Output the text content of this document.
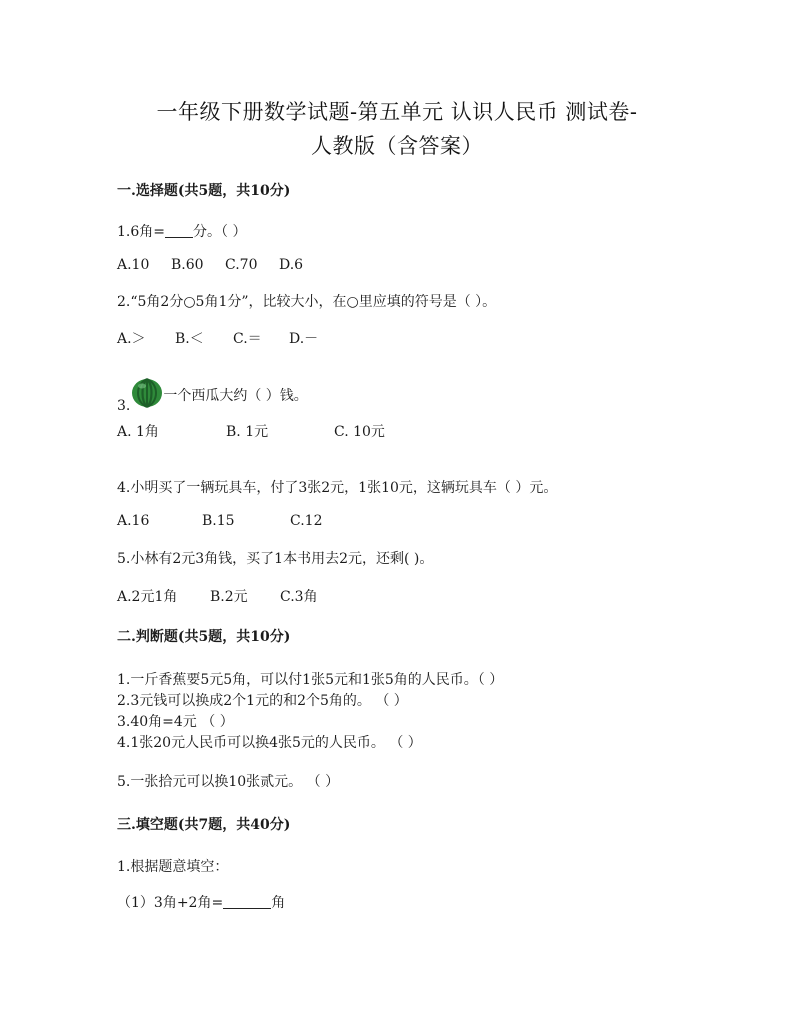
一年级下册数学试题-第五单元 认识人民币 测试卷-
人教版（含答案）
一.选择题(共5题，共10分)
1.6角= 分。（ ）
A.10 B.60 C.70 D.6
2.“5角2分○5角1分”，比较大小，在○里应填的符号是（ ）。
A.＞ B.＜ C.＝ D.－
3.
一个西瓜大约（ ）钱。
A. 1角	B. 1元	C. 10元
4.小明买了一辆玩具车，付了3张2元，1张10元，这辆玩具车（ ）元。
A.16	B.15	C.12
5.小林有2元3角钱，买了1本书用去2元，还剩( )。
A.2元1角 B.2元 C.3角
二.判断题(共5题，共10分)
1.一斤香蕉要5元5角，可以付1张5元和1张5角的人民币。（ ）
2.3元钱可以换成2个1元的和2个5角的。 （ ）
3.40角=4元 （ ）
4.1张20元人民币可以换4张5元的人民币。 （ ）
5.一张拾元可以换10张贰元。 （ ）
三.填空题(共7题，共40分)
1.根据题意填空：
（1）3角+2角=	角
